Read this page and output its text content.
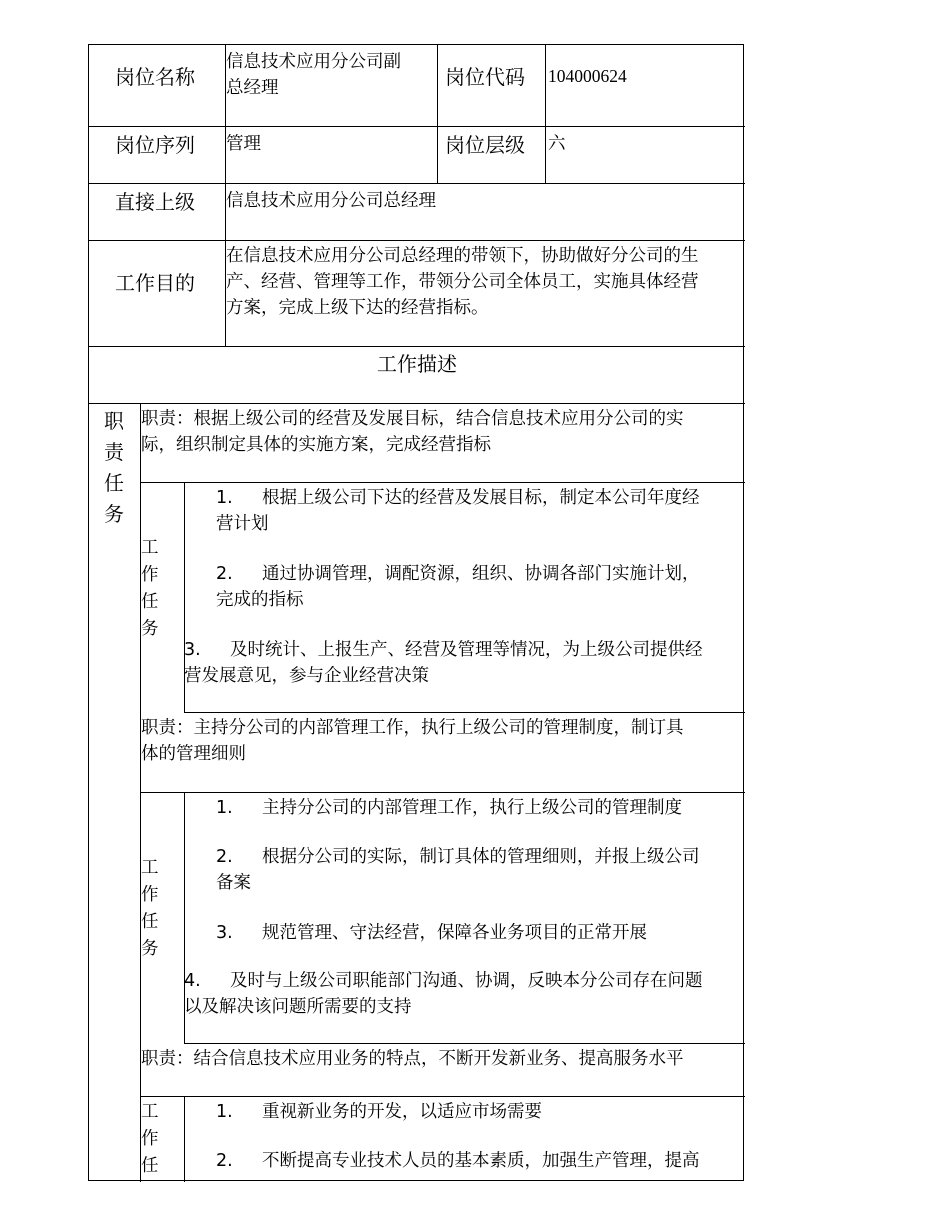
岗位名称
信息技术应用分公司副
总经理	岗位代码 104000624
岗位序列 管理	岗位层级 六
直接上级 信息技术应用分公司总经理
工作目的
在信息技术应用分公司总经理的带领下，协助做好分公司的生
产、经营、管理等工作，带领分公司全体员工，实施具体经营
方案，完成上级下达的经营指标。
工作描述
职
责
任
务
职责：根据上级公司的经营及发展目标，结合信息技术应用分公司的实
际，组织制定具体的实施方案，完成经营指标
工
作
任
务
1. 根据上级公司下达的经营及发展目标，制定本公司年度经
营计划
2. 通过协调管理，调配资源，组织、协调各部门实施计划，
完成的指标
3. 及时统计、上报生产、经营及管理等情况，为上级公司提供经
营发展意见，参与企业经营决策
职责：主持分公司的内部管理工作，执行上级公司的管理制度，制订具
体的管理细则
工
作
任
务
1. 主持分公司的内部管理工作，执行上级公司的管理制度
2. 根据分公司的实际，制订具体的管理细则，并报上级公司
备案
3. 规范管理、守法经营，保障各业务项目的正常开展
4. 及时与上级公司职能部门沟通、协调，反映本分公司存在问题
以及解决该问题所需要的支持
职责：结合信息技术应用业务的特点，不断开发新业务、提高服务水平
工
作
任
1. 重视新业务的开发，以适应市场需要
2. 不断提高专业技术人员的基本素质，加强生产管理，提高
